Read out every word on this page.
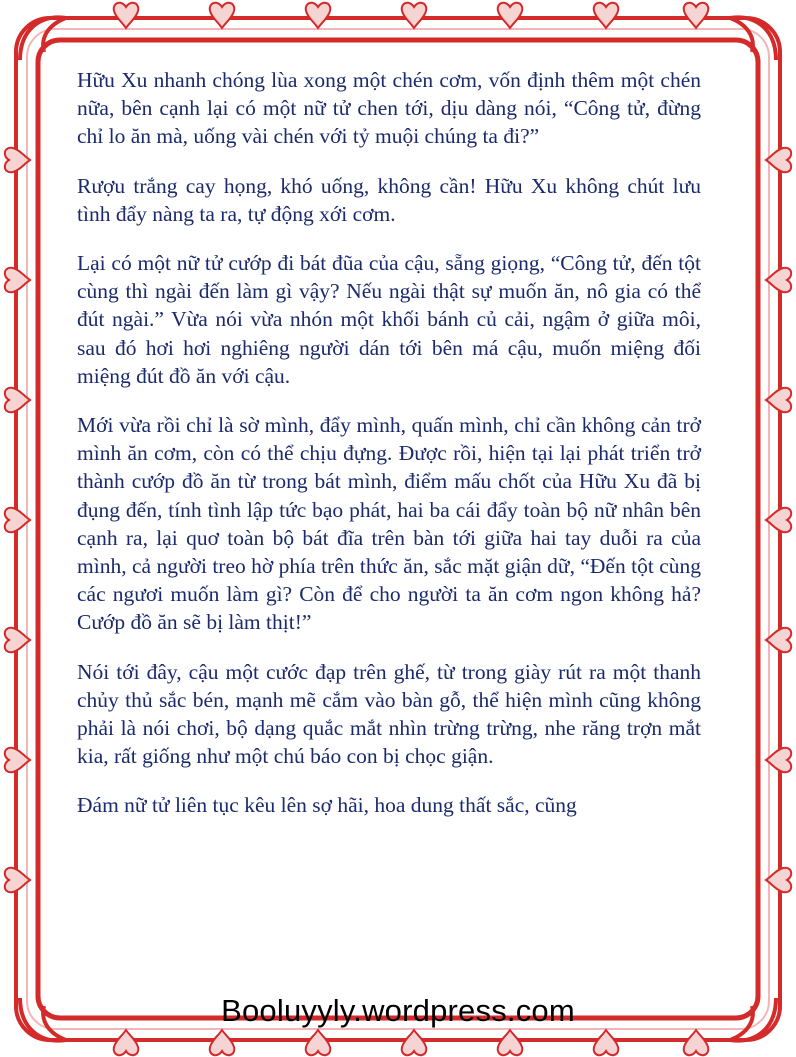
Hữu Xu nhanh chóng lùa xong một chén cơm, vốn định thêm một chén nữa, bên cạnh lại có một nữ tử chen tới, dịu dàng nói, “Công tử, đừng chỉ lo ăn mà, uống vài chén với tỷ muội chúng ta đi?”

Rượu trắng cay họng, khó uống, không cần! Hữu Xu không chút lưu tình đẩy nàng ta ra, tự động xới cơm.

Lại có một nữ tử cướp đi bát đũa của cậu, sẵng giọng, “Công tử, đến tột cùng thì ngài đến làm gì vậy? Nếu ngài thật sự muốn ăn, nô gia có thể đút ngài.” Vừa nói vừa nhón một khối bánh củ cải, ngậm ở giữa môi, sau đó hơi hơi nghiêng người dán tới bên má cậu, muốn miệng đối miệng đút đồ ăn với cậu.

Mới vừa rồi chỉ là sờ mình, đẩy mình, quấn mình, chỉ cần không cản trở mình ăn cơm, còn có thể chịu đựng. Được rồi, hiện tại lại phát triển trở thành cướp đồ ăn từ trong bát mình, điểm mấu chốt của Hữu Xu đã bị đụng đến, tính tình lập tức bạo phát, hai ba cái đẩy toàn bộ nữ nhân bên cạnh ra, lại quơ toàn bộ bát đĩa trên bàn tới giữa hai tay duỗi ra của mình, cả người treo hờ phía trên thức ăn, sắc mặt giận dữ, “Đến tột cùng các ngươi muốn làm gì? Còn để cho người ta ăn cơm ngon không hả? Cướp đồ ăn sẽ bị làm thịt!”

Nói tới đây, cậu một cước đạp trên ghế, từ trong giày rút ra một thanh chủy thủ sắc bén, mạnh mẽ cắm vào bàn gỗ, thể hiện mình cũng không phải là nói chơi, bộ dạng quắc mắt nhìn trừng trừng, nhe răng trợn mắt kia, rất giống như một chú báo con bị chọc giận.

Đám nữ tử liên tục kêu lên sợ hãi, hoa dung thất sắc, cũng

Booluyyly.wordpress.com
